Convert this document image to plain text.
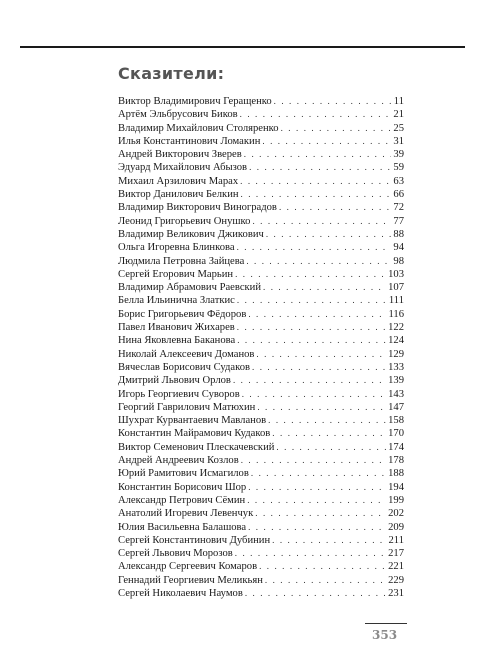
Сказители:
Виктор Владимирович Геращенко . . .	11
Артём Эльбрусович Биков . . .	21
Владимир Михайлович Столяренко . . .	25
Илья Константинович Ломакин . . .	31
Андрей Викторович Зверев . . .	39
Эдуард Михайлович Абызов . . .	59
Михаил Арзилович Марах . . .	63
Виктор Данилович Белкин . . .	66
Владимир Викторович Виноградов . . .	72
Леонид Григорьевич Онушко . . .	77
Владимир Великович Джикович . . .	88
Ольга Игоревна Блинкова . . .	94
Людмила Петровна Зайцева . . .	98
Сергей Егорович Марьин . . .	103
Владимир Абрамович Раевский . . .	107
Белла Ильинична Златкис . . .	111
Борис Григорьевич Фёдоров . . .	116
Павел Иванович Жихарев . . .	122
Нина Яковлевна Баканова . . .	124
Николай Алексеевич Доманов . . .	129
Вячеслав Борисович Судаков . . .	133
Дмитрий Львович Орлов . . .	139
Игорь Георгиевич Суворов . . .	143
Георгий Гаврилович Матюхин . . .	147
Шухрат Курвантаевич Мавланов . . .	158
Константин Майрамович Кудаков . . .	170
Виктор Семенович Плескачевский . . .	174
Андрей Андреевич Козлов . . .	178
Юрий Рамитович Исмагилов . . .	188
Константин Борисович Шор . . .	194
Александр Петрович Сёмин . . .	199
Анатолий Игоревич Левенчук . . .	202
Юлия Васильевна Балашова . . .	209
Сергей Константинович Дубинин . . .	211
Сергей Львович Морозов . . .	217
Александр Сергеевич Комаров . . .	221
Геннадий Георгиевич Меликьян . . .	229
Сергей Николаевич Наумов . . .	231
353
